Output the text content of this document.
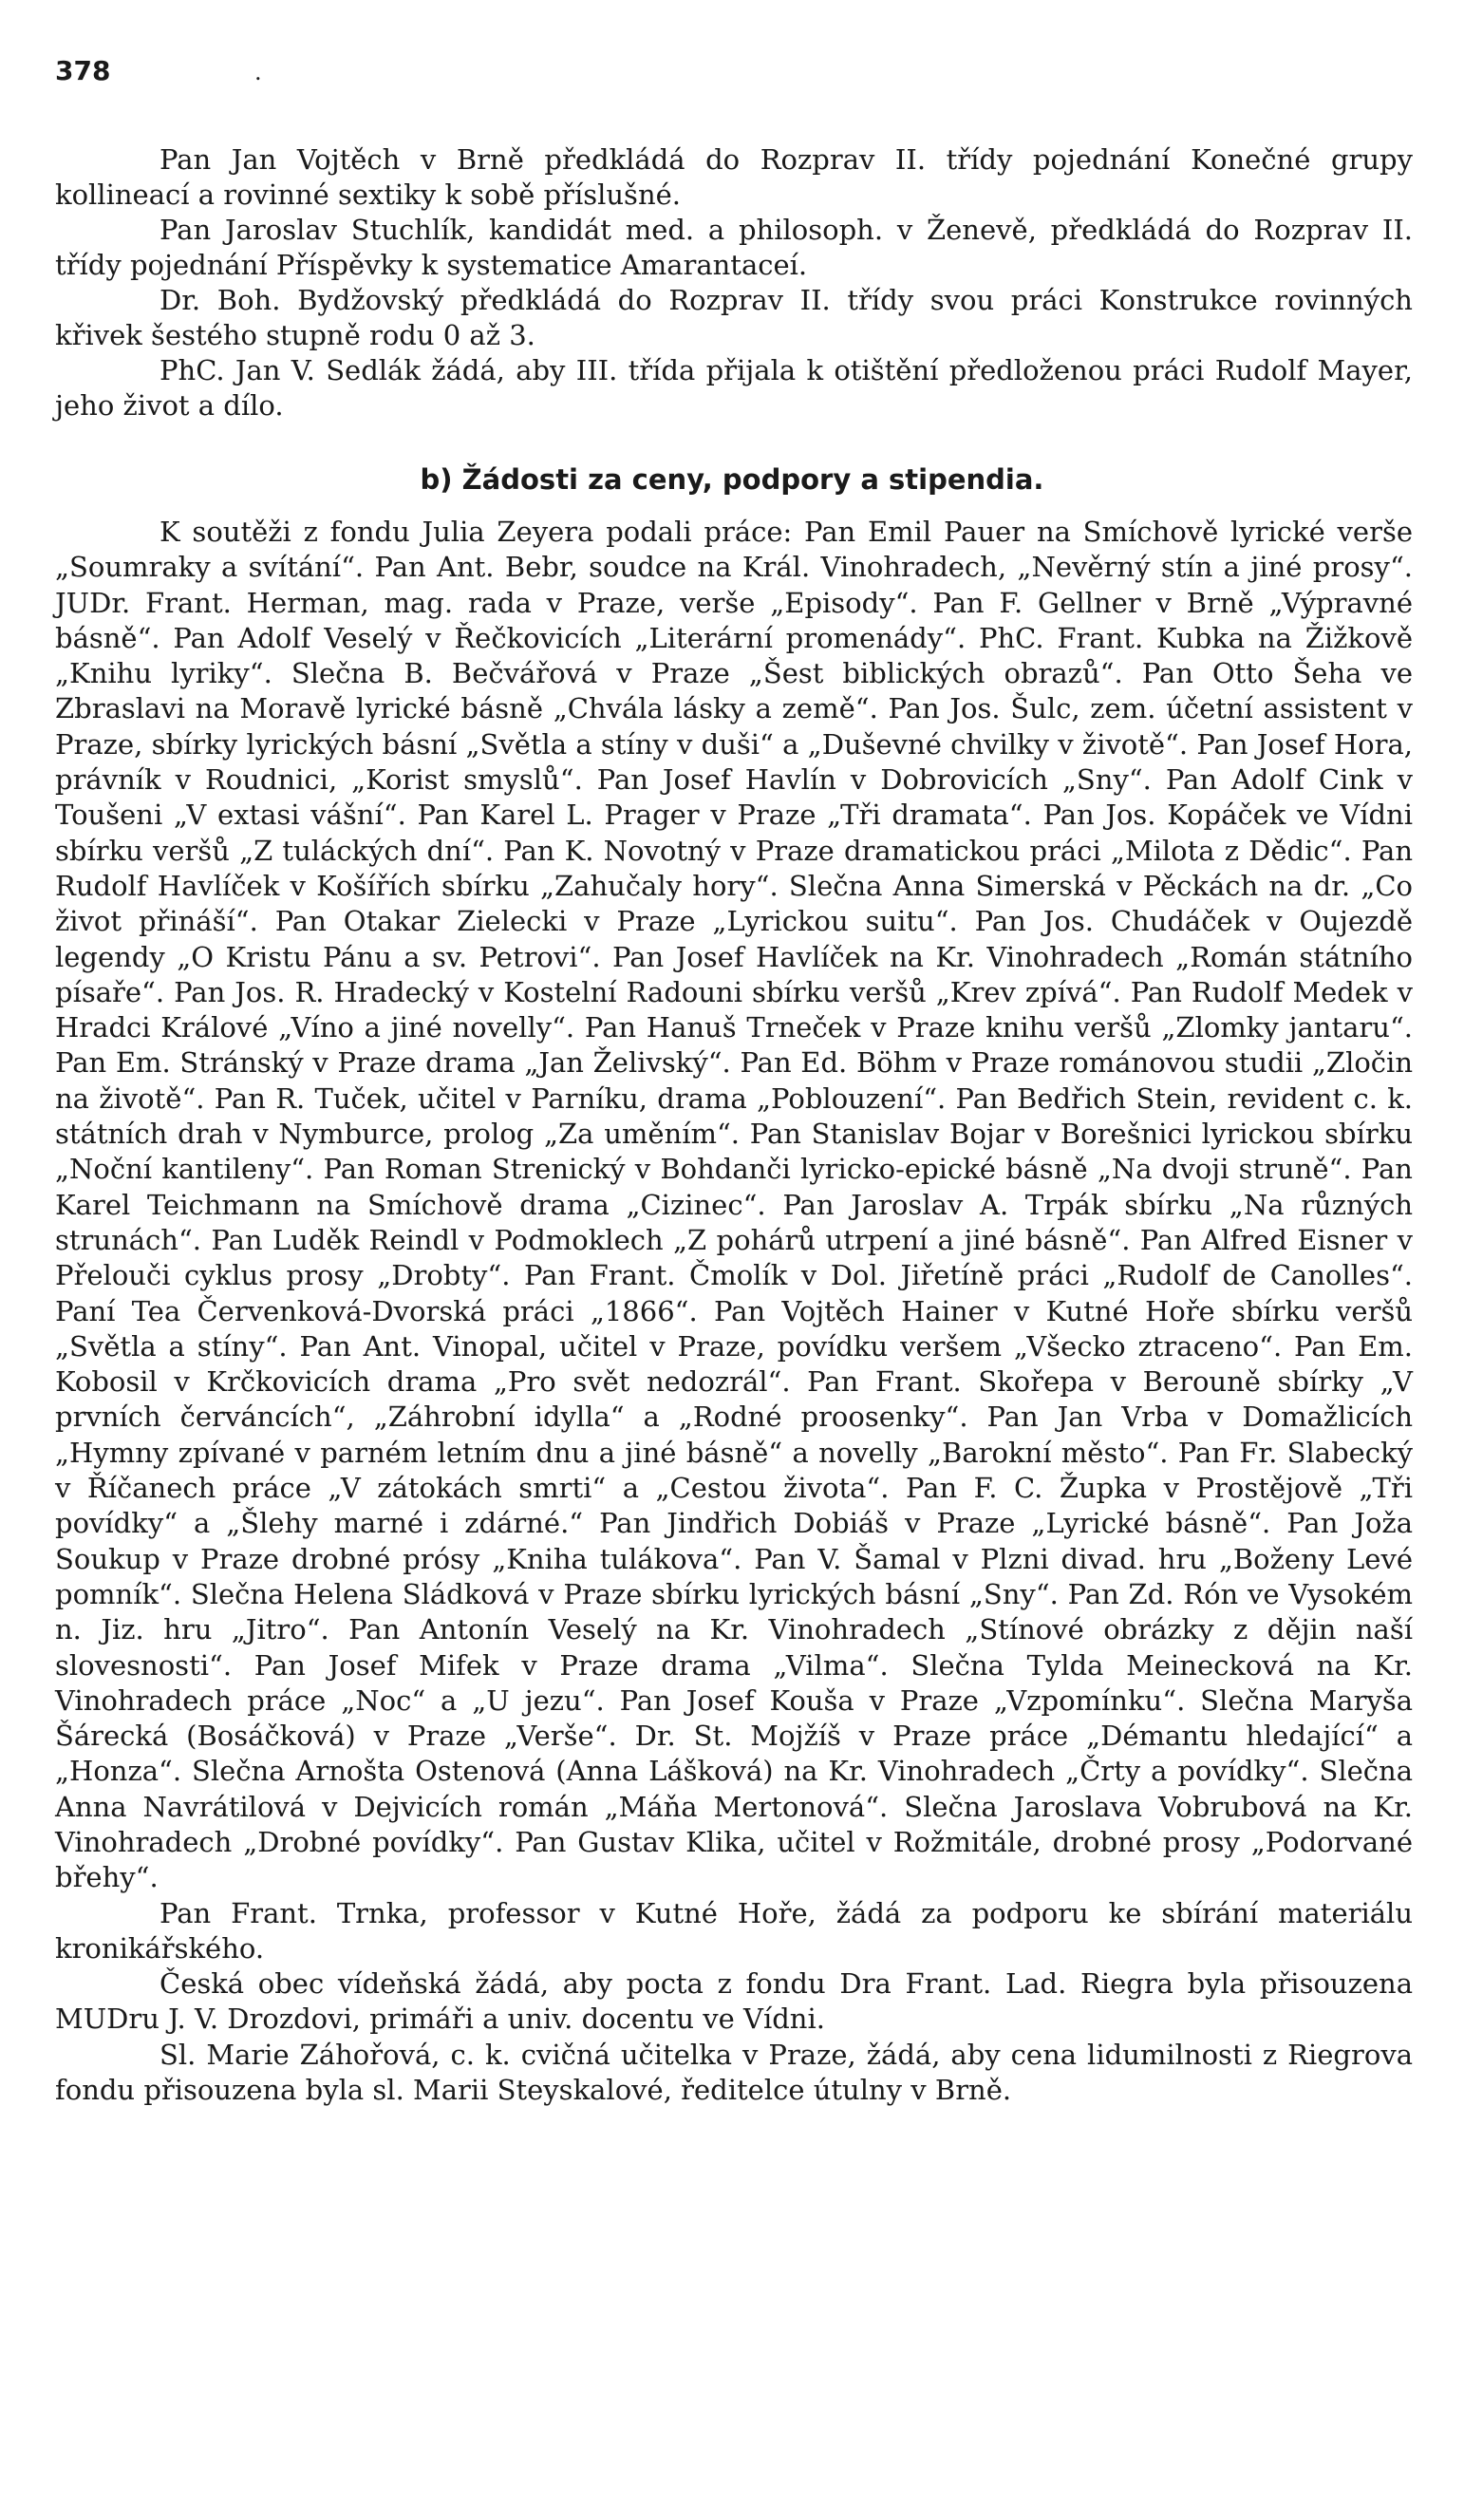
378	.

Pan Jan Vojtěch v Brně předkládá do Rozprav II. třídy pojednání Konečné grupy kollineací a rovinné sextiky k sobě příslušné.

Pan Jaroslav Stuchlík, kandidát med. a philosoph. v Ženevě, předkládá do Rozprav II. třídy pojednání Příspěvky k systematice Amarantaceí.

Dr. Boh. Bydžovský předkládá do Rozprav II. třídy svou práci Konstrukce rovinných křivek šestého stupně rodu 0 až 3.

PhC. Jan V. Sedlák žádá, aby III. třída přijala k otištění předloženou práci Rudolf Mayer, jeho život a dílo.

b) Žádosti za ceny, podpory a stipendia.

K soutěži z fondu Julia Zeyera podali práce: Pan Emil Pauer na Smíchově lyrické verše „Soumraky a svítání“. Pan Ant. Bebr, soudce na Král. Vinohradech, „Nevěrný stín a jiné prosy“. JUDr. Frant. Herman, mag. rada v Praze, verše „Episody“. Pan F. Gellner v Brně „Výpravné básně“. Pan Adolf Veselý v Řečkovicích „Literární promenády“. PhC. Frant. Kubka na Žižkově „Knihu lyriky“. Slečna B. Bečvářová v Praze „Šest biblických obrazů“. Pan Otto Šeha ve Zbraslavi na Moravě lyrické básně „Chvála lásky a země“. Pan Jos. Šulc, zem. účetní assistent v Praze, sbírky lyrických básní „Světla a stíny v duši“ a „Duševné chvilky v životě“. Pan Josef Hora, právník v Roudnici, „Korist smyslů“. Pan Josef Havlín v Dobrovicích „Sny“. Pan Adolf Cink v Toušeni „V extasi vášní“. Pan Karel L. Prager v Praze „Tři dramata“. Pan Jos. Kopáček ve Vídni sbírku veršů „Z tuláckých dní“. Pan K. Novotný v Praze dramatickou práci „Milota z Dědic“. Pan Rudolf Havlíček v Košířích sbírku „Zahučaly hory“. Slečna Anna Simerská v Pěckách na dr. „Co život přináší“. Pan Otakar Zielecki v Praze „Lyrickou suitu“. Pan Jos. Chudáček v Oujezdě legendy „O Kristu Pánu a sv. Petrovi“. Pan Josef Havlíček na Kr. Vinohradech „Román státního písaře“. Pan Jos. R. Hradecký v Kostelní Radouni sbírku veršů „Krev zpívá“. Pan Rudolf Medek v Hradci Králové „Víno a jiné novelly“. Pan Hanuš Trneček v Praze knihu veršů „Zlomky jantaru“. Pan Em. Stránský v Praze drama „Jan Želivský“. Pan Ed. Böhm v Praze románovou studii „Zločin na životě“. Pan R. Tuček, učitel v Parníku, drama „Poblouzení“. Pan Bedřich Stein, revident c. k. státních drah v Nymburce, prolog „Za uměním“. Pan Stanislav Bojar v Borešnici lyrickou sbírku „Noční kantileny“. Pan Roman Strenický v Bohdanči lyricko-epické básně „Na dvoji struně“. Pan Karel Teichmann na Smíchově drama „Cizinec“. Pan Jaroslav A. Trpák sbírku „Na různých strunách“. Pan Luděk Reindl v Podmoklech „Z pohárů utrpení a jiné básně“. Pan Alfred Eisner v Přelouči cyklus prosy „Drobty“. Pan Frant. Čmolík v Dol. Jiřetíně práci „Rudolf de Canolles“. Paní Tea Červenková-Dvorská práci „1866“. Pan Vojtěch Hainer v Kutné Hoře sbírku veršů „Světla a stíny“. Pan Ant. Vinopal, učitel v Praze, povídku veršem „Všecko ztraceno“. Pan Em. Kobosil v Krčkovicích drama „Pro svět nedozrál“. Pan Frant. Skořepa v Berouně sbírky „V prvních červáncích“, „Záhrobní idylla“ a „Rodné proosenky“. Pan Jan Vrba v Domažlicích „Hymny zpívané v parném letním dnu a jiné básně“ a novelly „Barokní město“. Pan Fr. Slabecký v Říčanech práce „V zátokách smrti“ a „Cestou života“. Pan F. C. Župka v Prostějově „Tři povídky“ a „Šlehy marné i zdárné.“ Pan Jindřich Dobiáš v Praze „Lyrické básně“. Pan Joža Soukup v Praze drobné prósy „Kniha tulákova“. Pan V. Šamal v Plzni divad. hru „Boženy Levé pomník“. Slečna Helena Sládková v Praze sbírku lyrických básní „Sny“. Pan Zd. Rón ve Vysokém n. Jiz. hru „Jitro“. Pan Antonín Veselý na Kr. Vinohradech „Stínové obrázky z dějin naší slovesnosti“. Pan Josef Mifek v Praze drama „Vilma“. Slečna Tylda Meinecková na Kr. Vinohradech práce „Noc“ a „U jezu“. Pan Josef Kouša v Praze „Vzpomínku“. Slečna Maryša Šárecká (Bosáčková) v Praze „Verše“. Dr. St. Mojžíš v Praze práce „Démantu hledající“ a „Honza“. Slečna Arnošta Ostenová (Anna Lášková) na Kr. Vinohradech „Črty a povídky“. Slečna Anna Navrátilová v Dejvicích román „Máňa Mertonová“. Slečna Jaroslava Vobrubová na Kr. Vinohradech „Drobné povídky“. Pan Gustav Klika, učitel v Rožmitále, drobné prosy „Podorvané břehy“.

Pan Frant. Trnka, professor v Kutné Hoře, žádá za podporu ke sbírání materiálu kronikářského.

Česká obec vídeňská žádá, aby pocta z fondu Dra Frant. Lad. Riegra byla přisouzena MUDru J. V. Drozdovi, primáři a univ. docentu ve Vídni.

Sl. Marie Záhořová, c. k. cvičná učitelka v Praze, žádá, aby cena lidumilnosti z Riegrova fondu přisouzena byla sl. Marii Steyskalové, ředitelce útulny v Brně.
